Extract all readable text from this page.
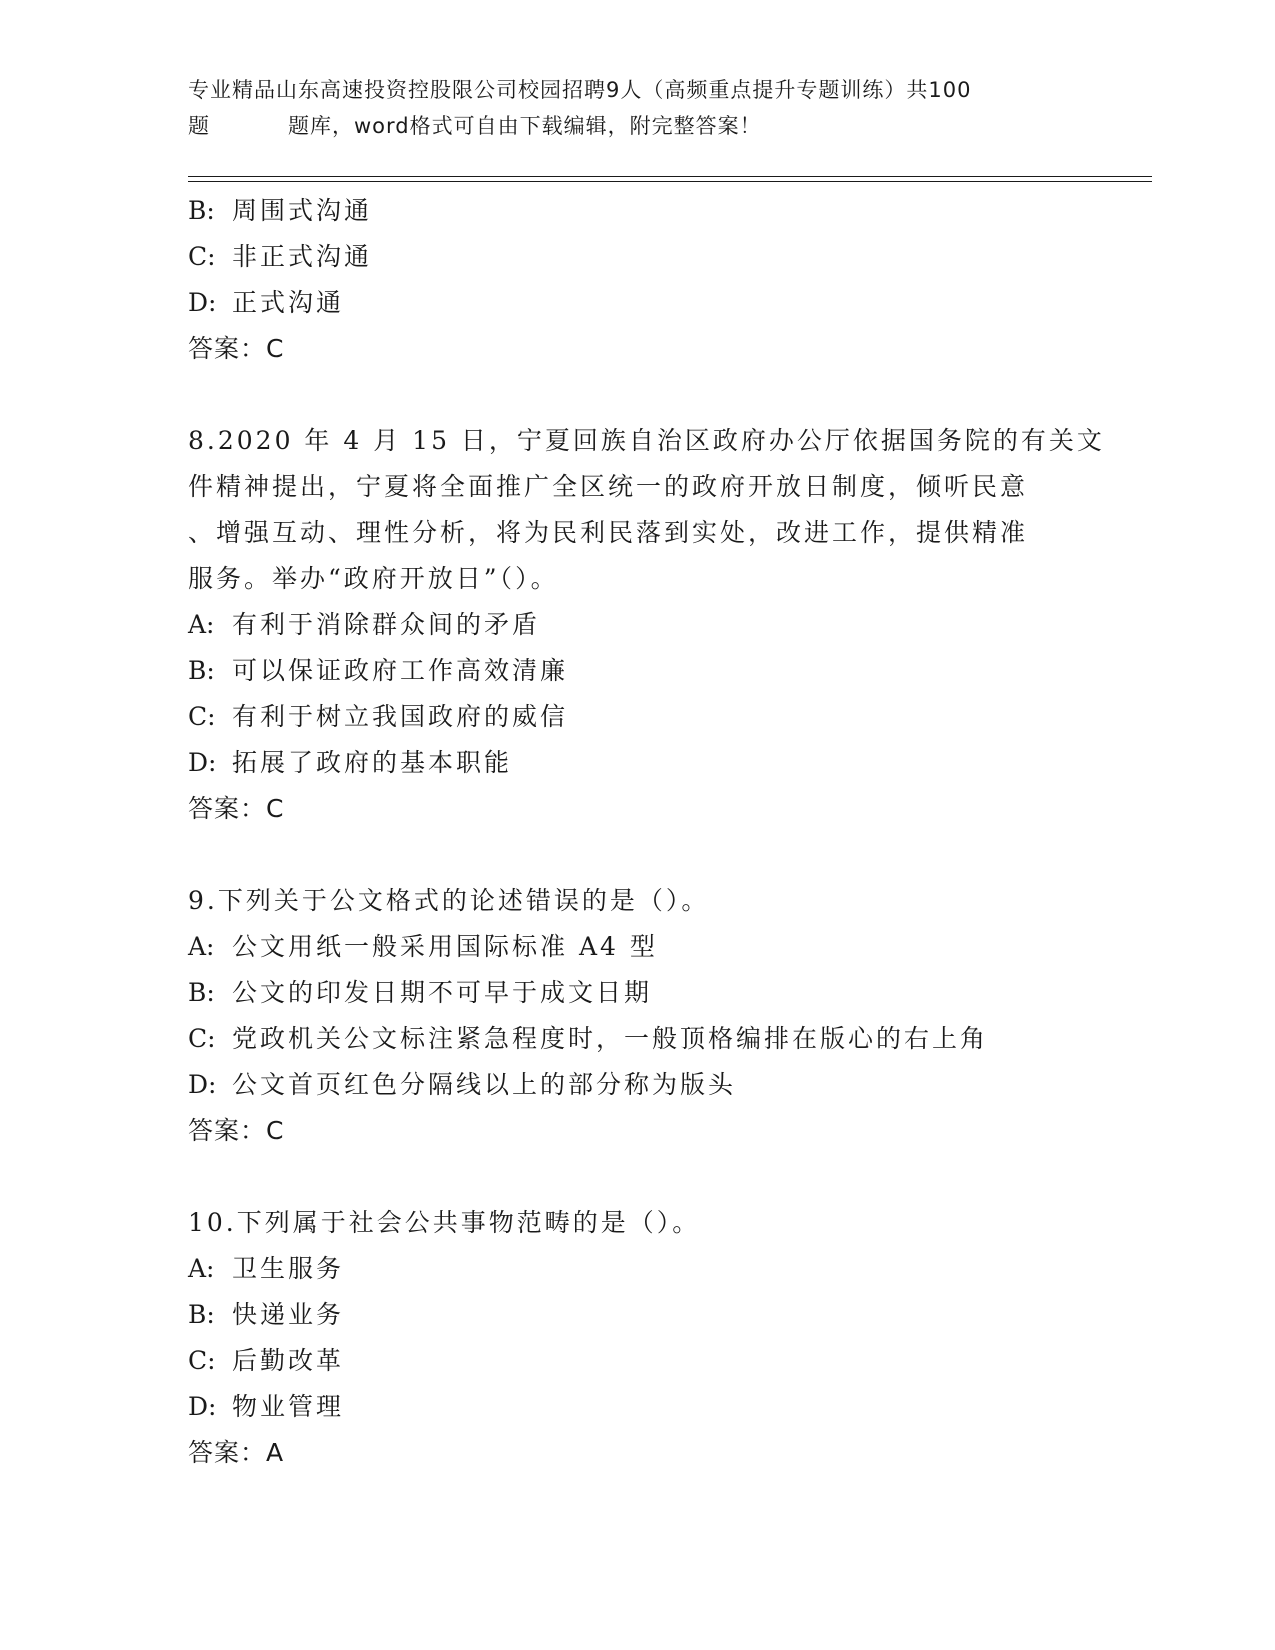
专业精品山东高速投资控股限公司校园招聘9人（高频重点提升专题训练）共100
题	题库，word格式可自由下载编辑，附完整答案！
B: 周围式沟通
C: 非正式沟通
D: 正式沟通
答案：C
8.2020 年 4 月 15 日，宁夏回族自治区政府办公厅依据国务院的有关文
件精神提出，宁夏将全面推广全区统一的政府开放日制度，倾听民意
、增强互动、理性分析，将为民利民落到实处，改进工作，提供精准
服务。举办“政府开放日”（）。
A: 有利于消除群众间的矛盾
B: 可以保证政府工作高效清廉
C: 有利于树立我国政府的威信
D: 拓展了政府的基本职能
答案：C
9.下列关于公文格式的论述错误的是（）。
A: 公文用纸一般采用国际标准 A4 型
B: 公文的印发日期不可早于成文日期
C: 党政机关公文标注紧急程度时，一般顶格编排在版心的右上角
D: 公文首页红色分隔线以上的部分称为版头
答案：C
10.下列属于社会公共事物范畴的是（）。
A: 卫生服务
B: 快递业务
C: 后勤改革
D: 物业管理
答案：A
